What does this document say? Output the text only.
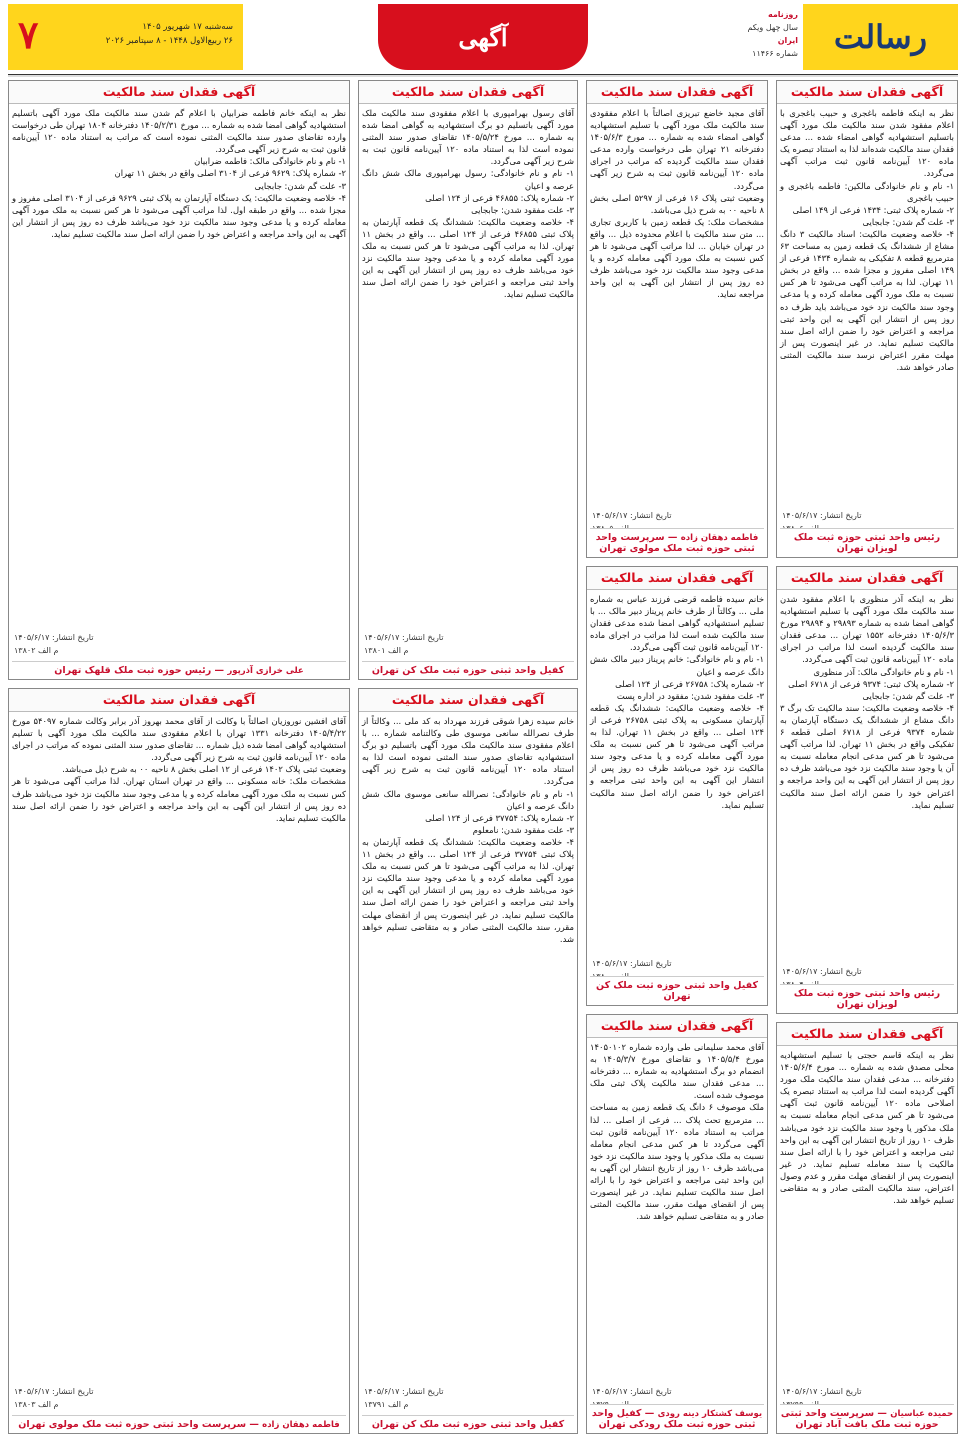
رسالت
روزنامه
سال چهل ویکم
ایران
شماره ۱۱۴۶۶
آگهی
۷	سه‌شنبه ۱۷ شهریور ۱۴۰۵
۲۶ ربیع‌الاول ۱۴۴۸ - ۸ سپتامبر ۲۰۲۶
آگهی فقدان سند مالکیت
نظر به اینکه فاطمه باغجری و حبیب باغجری با اعلام مفقود شدن سند مالکیت ملک مورد آگهی باتسلیم استشهادیه گواهی امضاء شده ... مدعی فقدان سند مالکیت شده‌اند لذا به استناد تبصره یک ماده ۱۲۰ آیین‌نامه قانون ثبت مراتب آگهی می‌گردد.
۱- نام و نام خانوادگی مالکین: فاطمه باغجری و حبیب باغجری
۲- شماره پلاک ثبتی: ۱۴۳۴ فرعی از ۱۴۹ اصلی
۳- علت گم شدن: جابجایی
۴- خلاصه وضعیت مالکیت: اسناد مالکیت ۳ دانگ مشاع از ششدانگ یک قطعه زمین به مساحت ۶۳ مترمربع قطعه ۸ تفکیکی به شماره ۱۴۳۴ فرعی از ۱۴۹ اصلی مفروز و مجزا شده ... واقع در بخش ۱۱ تهران. لذا به مراتب آگهی می‌شود تا هر کس نسبت به ملک مورد آگهی معامله کرده و یا مدعی وجود سند مالکیت نزد خود می‌باشد باید ظرف ده روز پس از انتشار این آگهی به این واحد ثبتی مراجعه و اعتراض خود را ضمن ارائه اصل سند مالکیت تسلیم نماید. در غیر اینصورت پس از مهلت مقرر اعتراض نرسد سند مالکیت المثنی صادر خواهد شد.
تاریخ انتشار: ۱۴۰۵/۶/۱۷
رئیس واحد ثبتی حوزه ثبت ملک لویزان تهران
آگهی فقدان سند مالکیت
نظر به اینکه آذر منظوری با اعلام مفقود شدن سند مالکیت ملک مورد آگهی با تسلیم استشهادیه گواهی امضا شده به شماره ۲۹۸۹۳ و ۲۹۸۹۴ مورخ ۱۴۰۵/۶/۳ دفترخانه ۱۵۵۲ تهران ... مدعی فقدان سند مالکیت گردیده است لذا مراتب در اجرای ماده ۱۲۰ آیین‌نامه قانون ثبت آگهی می‌گردد.
۱- نام و نام خانوادگی مالک: آذر منظوری
۲- شماره پلاک ثبتی: ۹۳۷۴ فرعی از ۶۷۱۸ اصلی
۳- علت گم شدن: جابجایی
۴- خلاصه وضعیت مالکیت: سند مالکیت تک برگ ۳ دانگ مشاع از ششدانگ یک دستگاه آپارتمان به شماره ۹۳۷۴ فرعی از ۶۷۱۸ اصلی قطعه ۶ تفکیکی واقع در بخش ۱۱ تهران. لذا مراتب آگهی می‌شود تا هر کس مدعی انجام معامله نسبت به آن یا وجود سند مالکیت نزد خود می‌باشد ظرف ده روز پس از انتشار این آگهی به این واحد مراجعه و اعتراض خود را ضمن ارائه اصل سند مالکیت تسلیم نماید.
تاریخ انتشار: ۱۴۰۵/۶/۱۷
رئیس واحد ثبتی حوزه ثبت ملک لویزان تهران
آگهی فقدان سند مالکیت
نظر به اینکه قاسم حجتی با تسلیم استشهادیه محلی مصدق شده به شماره ... مورخ ۱۴۰۵/۶/۴ دفترخانه ... مدعی فقدان سند مالکیت ملک مورد آگهی گردیده است لذا مراتب به استناد تبصره یک اصلاحی ماده ۱۲۰ آیین‌نامه قانون ثبت آگهی می‌شود تا هر کس مدعی انجام معامله نسبت به ملک مذکور یا وجود سند مالکیت نزد خود می‌باشد ظرف ۱۰ روز از تاریخ انتشار این آگهی به این واحد ثبتی مراجعه و اعتراض خود را با ارائه اصل سند مالکیت یا سند معامله تسلیم نماید. در غیر اینصورت پس از انقضای مهلت مقرر و عدم وصول اعتراض، سند مالکیت المثنی صادر و به متقاضی تسلیم خواهد شد.
تاریخ انتشار: ۱۴۰۵/۶/۱۷
حمیده عباسیان — سرپرست واحد ثبتی حوزه ثبت ملک بافت آباد تهران
آگهی فقدان سند مالکیت
آقای مجید خاضع تبریزی اصالتاً با اعلام مفقودی سند مالکیت ملک مورد آگهی با تسلیم استشهادیه گواهی امضاء شده به شماره ... مورخ ۱۴۰۵/۶/۳ دفترخانه ۲۱ تهران طی درخواست وارده مدعی فقدان سند مالکیت گردیده که مراتب در اجرای ماده ۱۲۰ آیین‌نامه قانون ثبت به شرح زیر آگهی می‌گردد.
وضعیت ثبتی پلاک ۱۶ فرعی از ۵۲۹۷ اصلی بخش ۸ ناحیه ۰۰ به شرح ذیل می‌باشد.
مشخصات ملک: یک قطعه زمین با کاربری تجاری ... متن سند مالکیت با اعلام محدوده ذیل ... واقع در تهران خیابان ... لذا مراتب آگهی می‌شود تا هر کس نسبت به ملک مورد آگهی معامله کرده و یا مدعی وجود سند مالکیت نزد خود می‌باشد ظرف ده روز پس از انتشار این آگهی به این واحد مراجعه نماید.
تاریخ انتشار: ۱۴۰۵/۶/۱۷
فاطمه دهقان زاده — سرپرست واحد ثبتی حوزه ثبت ملک مولوی تهران
آگهی فقدان سند مالکیت
خانم سیده فاطمه قرضی فرزند عباس به شماره ملی ... وکالتاً از طرف خانم پریناز دبیر مالک ... با تسلیم استشهادیه گواهی امضا شده مدعی فقدان سند مالکیت شده است لذا مراتب در اجرای ماده ۱۲۰ آیین‌نامه قانون ثبت آگهی می‌گردد.
۱- نام و نام خانوادگی: خانم پریناز دبیر مالک شش دانگ عرصه و اعیان
۲- شماره پلاک: ۲۶۷۵۸ فرعی از ۱۲۴ اصلی
۳- علت مفقود شدن: مفقود در اداره پست
۴- خلاصه وضعیت مالکیت: ششدانگ یک قطعه آپارتمان مسکونی به پلاک ثبتی ۲۶۷۵۸ فرعی از ۱۲۴ اصلی ... واقع در بخش ۱۱ تهران. لذا به مراتب آگهی می‌شود تا هر کس نسبت به ملک مورد آگهی معامله کرده و یا مدعی وجود سند مالکیت نزد خود می‌باشد ظرف ده روز پس از انتشار این آگهی به این واحد ثبتی مراجعه و اعتراض خود را ضمن ارائه اصل سند مالکیت تسلیم نماید.
تاریخ انتشار: ۱۴۰۵/۶/۱۷
کفیل واحد ثبتی حوزه ثبت ملک کن تهران
آگهی فقدان سند مالکیت
آقای محمد سلیمانی طی وارده شماره ۱۴۰۵۰۱۰۲ مورخ ۱۴۰۵/۵/۴ و تقاضای مورخ ۱۴۰۵/۳/۷ به انضمام دو برگ استشهادیه به شماره ... دفترخانه ... مدعی فقدان سند مالکیت پلاک ثبتی ملک موصوف شده است.
ملک موصوف ۶ دانگ یک قطعه زمین به مساحت ... مترمربع تحت پلاک ... فرعی از اصلی ... لذا مراتب به استناد ماده ۱۲۰ آیین‌نامه قانون ثبت آگهی می‌گردد تا هر کس مدعی انجام معامله نسبت به ملک مذکور یا وجود سند مالکیت نزد خود می‌باشد ظرف ۱۰ روز از تاریخ انتشار این آگهی به این واحد ثبتی مراجعه و اعتراض خود را با ارائه اصل سند مالکیت تسلیم نماید. در غیر اینصورت پس از انقضای مهلت مقرر، سند مالکیت المثنی صادر و به متقاضی تسلیم خواهد شد.
تاریخ انتشار: ۱۴۰۵/۶/۱۷
یوسف کشتکار دینه رودی — کفیل واحد ثبتی حوزه ثبت ملک رودکی تهران
آگهی فقدان سند مالکیت
آقای رسول بهرامپوری با اعلام مفقودی سند مالکیت ملک مورد آگهی باتسلیم دو برگ استشهادیه به گواهی امضا شده به شماره ... مورخ ۱۴۰۵/۵/۲۴ تقاضای صدور سند المثنی نموده است لذا به استناد ماده ۱۲۰ آیین‌نامه قانون ثبت به شرح زیر آگهی می‌گردد.
۱- نام و نام خانوادگی: رسول بهرامپوری مالک شش دانگ عرصه و اعیان
۲- شماره پلاک: ۴۶۸۵۵ فرعی از ۱۲۴ اصلی
۳- علت مفقود شدن: جابجایی
۴- خلاصه وضعیت مالکیت: ششدانگ یک قطعه آپارتمان به پلاک ثبتی ۴۶۸۵۵ فرعی از ۱۲۴ اصلی ... واقع در بخش ۱۱ تهران. لذا به مراتب آگهی می‌شود تا هر کس نسبت به ملک مورد آگهی معامله کرده و یا مدعی وجود سند مالکیت نزد خود می‌باشد ظرف ده روز پس از انتشار این آگهی به این واحد ثبتی مراجعه و اعتراض خود را ضمن ارائه اصل سند مالکیت تسلیم نماید.
تاریخ انتشار: ۱۴۰۵/۶/۱۷
م الف ۱۳۸۰۱
کفیل واحد ثبتی حوزه ثبت ملک کن تهران
آگهی فقدان سند مالکیت
خانم سیده زهرا شوقی فرزند مهرداد به کد ملی ... وکالتاً از طرف نصرالله سانعی موسوی طی وکالتنامه شماره ... با اعلام مفقودی سند مالکیت ملک مورد آگهی باتسلیم دو برگ استشهادیه تقاضای صدور سند المثنی نموده است لذا به استناد ماده ۱۲۰ آیین‌نامه قانون ثبت به شرح زیر آگهی می‌گردد.
۱- نام و نام خانوادگی: نصرالله سانعی موسوی مالک شش دانگ عرصه و اعیان
۲- شماره پلاک: ۳۷۷۵۴ فرعی از ۱۲۴ اصلی
۳- علت مفقود شدن: نامعلوم
۴- خلاصه وضعیت مالکیت: ششدانگ یک قطعه آپارتمان به پلاک ثبتی ۳۷۷۵۴ فرعی از ۱۲۴ اصلی ... واقع در بخش ۱۱ تهران. لذا به مراتب آگهی می‌شود تا هر کس نسبت به ملک مورد آگهی معامله کرده و یا مدعی وجود سند مالکیت نزد خود می‌باشد ظرف ده روز پس از انتشار این آگهی به این واحد ثبتی مراجعه و اعتراض خود را ضمن ارائه اصل سند مالکیت تسلیم نماید. در غیر اینصورت پس از انقضای مهلت مقرر، سند مالکیت المثنی صادر و به متقاضی تسلیم خواهد شد.
تاریخ انتشار: ۱۴۰۵/۶/۱۷
م الف ۱۳۷۹۱
کفیل واحد ثبتی حوزه ثبت ملک کن تهران
آگهی فقدان سند مالکیت
نظر به اینکه خانم فاطمه ضرابیان با اعلام گم شدن سند مالکیت ملک مورد آگهی باتسلیم استشهادیه گواهی امضا شده به شماره ... مورخ ۱۴۰۵/۲/۳۱ دفترخانه ۱۸۰۴ تهران طی درخواست وارده تقاضای صدور سند مالکیت المثنی نموده است که مراتب به استناد ماده ۱۲۰ آیین‌نامه قانون ثبت به شرح زیر آگهی می‌گردد.
۱- نام و نام خانوادگی مالک: فاطمه ضرابیان
۲- شماره پلاک: ۹۶۲۹ فرعی از ۳۱۰۴ اصلی واقع در بخش ۱۱ تهران
۳- علت گم شدن: جابجایی
۴- خلاصه وضعیت مالکیت: یک دستگاه آپارتمان به پلاک ثبتی ۹۶۲۹ فرعی از ۳۱۰۴ اصلی مفروز و مجزا شده ... واقع در طبقه اول. لذا مراتب آگهی می‌شود تا هر کس نسبت به ملک مورد آگهی معامله کرده و یا مدعی وجود سند مالکیت نزد خود می‌باشد ظرف ده روز پس از انتشار این آگهی به این واحد مراجعه و اعتراض خود را ضمن ارائه اصل سند مالکیت تسلیم نماید.
تاریخ انتشار: ۱۴۰۵/۶/۱۷
م الف ۱۳۸۰۲
علی خرازی آذرپور — رئیس حوزه ثبت ملک قلهک تهران
آگهی فقدان سند مالکیت
آقای افشین نوروزیان اصالتاً با وکالت از آقای محمد بهروز آذر برابر وکالت شماره ۵۴۰۹۷ مورخ ۱۴۰۵/۴/۲۲ دفترخانه ۱۳۳۱ تهران با اعلام مفقودی سند مالکیت ملک مورد آگهی با تسلیم استشهادیه گواهی امضا شده ذیل شماره ... تقاضای صدور سند المثنی نموده که مراتب در اجرای ماده ۱۲۰ آیین‌نامه قانون ثبت به شرح زیر آگهی می‌گردد.
وضعیت ثبتی پلاک ۱۴۰۲ فرعی از ۱۲ اصلی بخش ۸ ناحیه ۰۰ به شرح ذیل می‌باشد.
مشخصات ملک: خانه مسکونی ... واقع در تهران استان تهران. لذا مراتب آگهی می‌شود تا هر کس نسبت به ملک مورد آگهی معامله کرده و یا مدعی وجود سند مالکیت نزد خود می‌باشد ظرف ده روز پس از انتشار این آگهی به این واحد مراجعه و اعتراض خود را ضمن ارائه اصل سند مالکیت تسلیم نماید.
تاریخ انتشار: ۱۴۰۵/۶/۱۷
م الف ۱۳۸۰۳
فاطمه دهقان زاده — سرپرست واحد ثبتی حوزه ثبت ملک مولوی تهران
